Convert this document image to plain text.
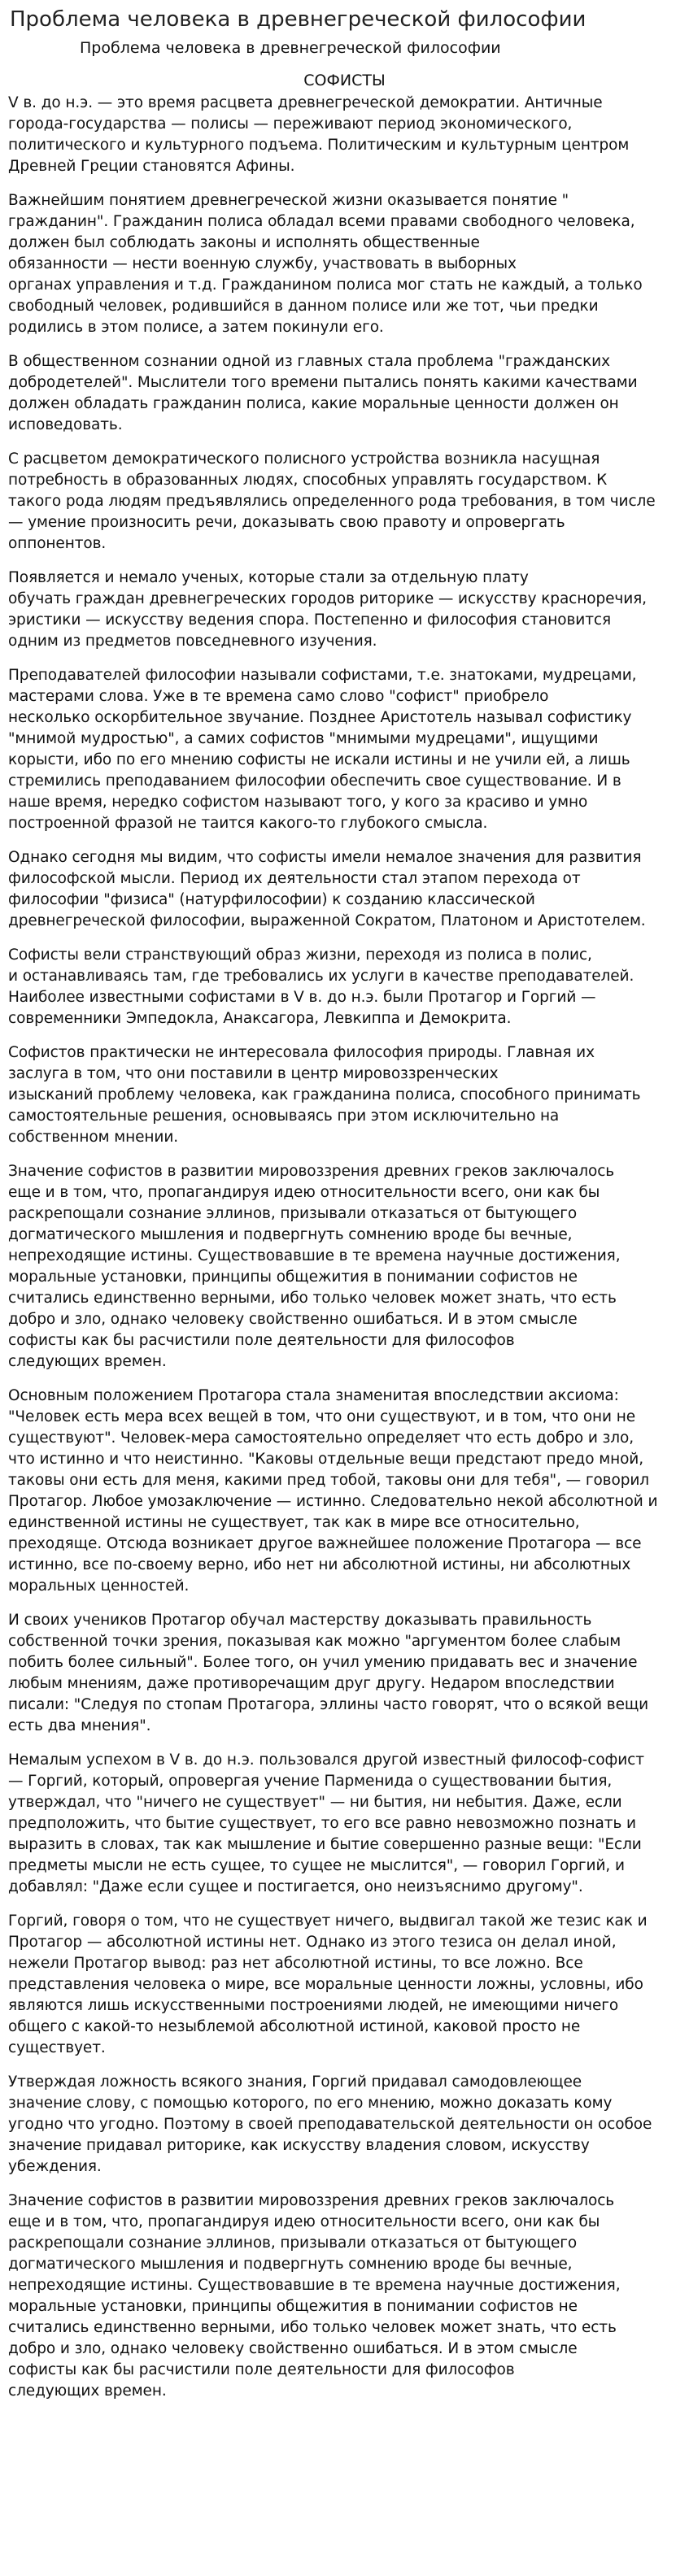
Проблема человека в древнегреческой философии
Проблема человека в древнегреческой философии
СОФИСТЫ

V в. до н.э. — это время расцвета древнегреческой демократии. Античные
города-государства — полисы — переживают период экономического,
политического и культурного подъема. Политическим и культурным центром
Древней Греции становятся Афины.

Важнейшим понятием древнегреческой жизни оказывается понятие "
гражданин". Гражданин полиса обладал всеми правами свободного человека,
должен был соблюдать законы и исполнять общественные
обязанности — нести военную службу, участвовать в выборных
органах управления и т.д. Гражданином полиса мог стать не каждый, а только
свободный человек, родившийся в данном полисе или же тот, чьи предки
родились в этом полисе, а затем покинули его.

В общественном сознании одной из главных стала проблема "гражданских
добродетелей". Мыслители того времени пытались понять какими качествами
должен обладать гражданин полиса, какие моральные ценности должен он
исповедовать.

С расцветом демократического полисного устройства возникла насущная
потребность в образованных людях, способных управлять государством. К
такого рода людям предъявлялись определенного рода требования, в том числе
— умение произносить речи, доказывать свою правоту и опровергать
оппонентов.

Появляется и немало ученых, которые стали за отдельную плату
обучать граждан древнегреческих городов риторике — искусству красноречия,
эристики — искусству ведения спора. Постепенно и философия становится
одним из предметов повседневного изучения.

Преподавателей философии называли софистами, т.е. знатоками, мудрецами,
мастерами слова. Уже в те времена само слово "софист" приобрело
несколько оскорбительное звучание. Позднее Аристотель называл софистику
"мнимой мудростью", а самих софистов "мнимыми мудрецами", ищущими
корысти, ибо по его мнению софисты не искали истины и не учили ей, а лишь
стремились преподаванием философии обеспечить свое существование. И в
наше время, нередко софистом называют того, у кого за красиво и умно
построенной фразой не таится какого-то глубокого смысла.

Однако сегодня мы видим, что софисты имели немалое значения для развития
философской мысли. Период их деятельности стал этапом перехода от
философии "физиса" (натурфилософии) к созданию классической
древнегреческой философии, выраженной Сократом, Платоном и Аристотелем.

Софисты вели странствующий образ жизни, переходя из полиса в полис,
и останавливаясь там, где требовались их услуги в качестве преподавателей.
Наиболее известными софистами в V в. до н.э. были Протагор и Горгий —
современники Эмпедокла, Анаксагора, Левкиппа и Демокрита.

Софистов практически не интересовала философия природы. Главная их
заслуга в том, что они поставили в центр мировоззренческих
изысканий проблему человека, как гражданина полиса, способного принимать
самостоятельные решения, основываясь при этом исключительно на
собственном мнении.

Значение софистов в развитии мировоззрения древних греков заключалось
еще и в том, что, пропагандируя идею относительности всего, они как бы
раскрепощали сознание эллинов, призывали отказаться от бытующего
догматического мышления и подвергнуть сомнению вроде бы вечные,
непреходящие истины. Существовавшие в те времена научные достижения,
моральные установки, принципы общежития в понимании софистов не
считались единственно верными, ибо только человек может знать, что есть
добро и зло, однако человеку свойственно ошибаться. И в этом смысле
софисты как бы расчистили поле деятельности для философов
следующих времен.

Основным положением Протагора стала знаменитая впоследствии аксиома:
"Человек есть мера всех вещей в том, что они существуют, и в том, что они не
существуют". Человек-мера самостоятельно определяет что есть добро и зло,
что истинно и что неистинно. "Каковы отдельные вещи предстают предо мной,
таковы они есть для меня, какими пред тобой, таковы они для тебя", — говорил
Протагор. Любое умозаключение — истинно. Следовательно некой абсолютной и
единственной истины не существует, так как в мире все относительно,
преходяще. Отсюда возникает другое важнейшее положение Протагора — все
истинно, все по-своему верно, ибо нет ни абсолютной истины, ни абсолютных
моральных ценностей.

И своих учеников Протагор обучал мастерству доказывать правильность
собственной точки зрения, показывая как можно "аргументом более слабым
побить более сильный". Более того, он учил умению придавать вес и значение
любым мнениям, даже противоречащим друг другу. Недаром впоследствии
писали: "Следуя по стопам Протагора, эллины часто говорят, что о всякой вещи
есть два мнения".

Немалым успехом в V в. до н.э. пользовался другой известный философ-софист
— Горгий, который, опровергая учение Парменида о существовании бытия,
утверждал, что "ничего не существует" — ни бытия, ни небытия. Даже, если
предположить, что бытие существует, то его все равно невозможно познать и
выразить в словах, так как мышление и бытие совершенно разные вещи: "Если
предметы мысли не есть сущее, то сущее не мыслится", — говорил Горгий, и
добавлял: "Даже если сущее и постигается, оно неизъяснимо другому".

Горгий, говоря о том, что не существует ничего, выдвигал такой же тезис как и
Протагор — абсолютной истины нет. Однако из этого тезиса он делал иной,
нежели Протагор вывод: раз нет абсолютной истины, то все ложно. Все
представления человека о мире, все моральные ценности ложны, условны, ибо
являются лишь искусственными построениями людей, не имеющими ничего
общего с какой-то незыблемой абсолютной истиной, каковой просто не
существует.

Утверждая ложность всякого знания, Горгий придавал самодовлеющее
значение слову, с помощью которого, по его мнению, можно доказать кому
угодно что угодно. Поэтому в своей преподавательской деятельности он особое
значение придавал риторике, как искусству владения словом, искусству
убеждения.

Значение софистов в развитии мировоззрения древних греков заключалось
еще и в том, что, пропагандируя идею относительности всего, они как бы
раскрепощали сознание эллинов, призывали отказаться от бытующего
догматического мышления и подвергнуть сомнению вроде бы вечные,
непреходящие истины. Существовавшие в те времена научные достижения,
моральные установки, принципы общежития в понимании софистов не
считались единственно верными, ибо только человек может знать, что есть
добро и зло, однако человеку свойственно ошибаться. И в этом смысле
софисты как бы расчистили поле деятельности для философов
следующих времен.
